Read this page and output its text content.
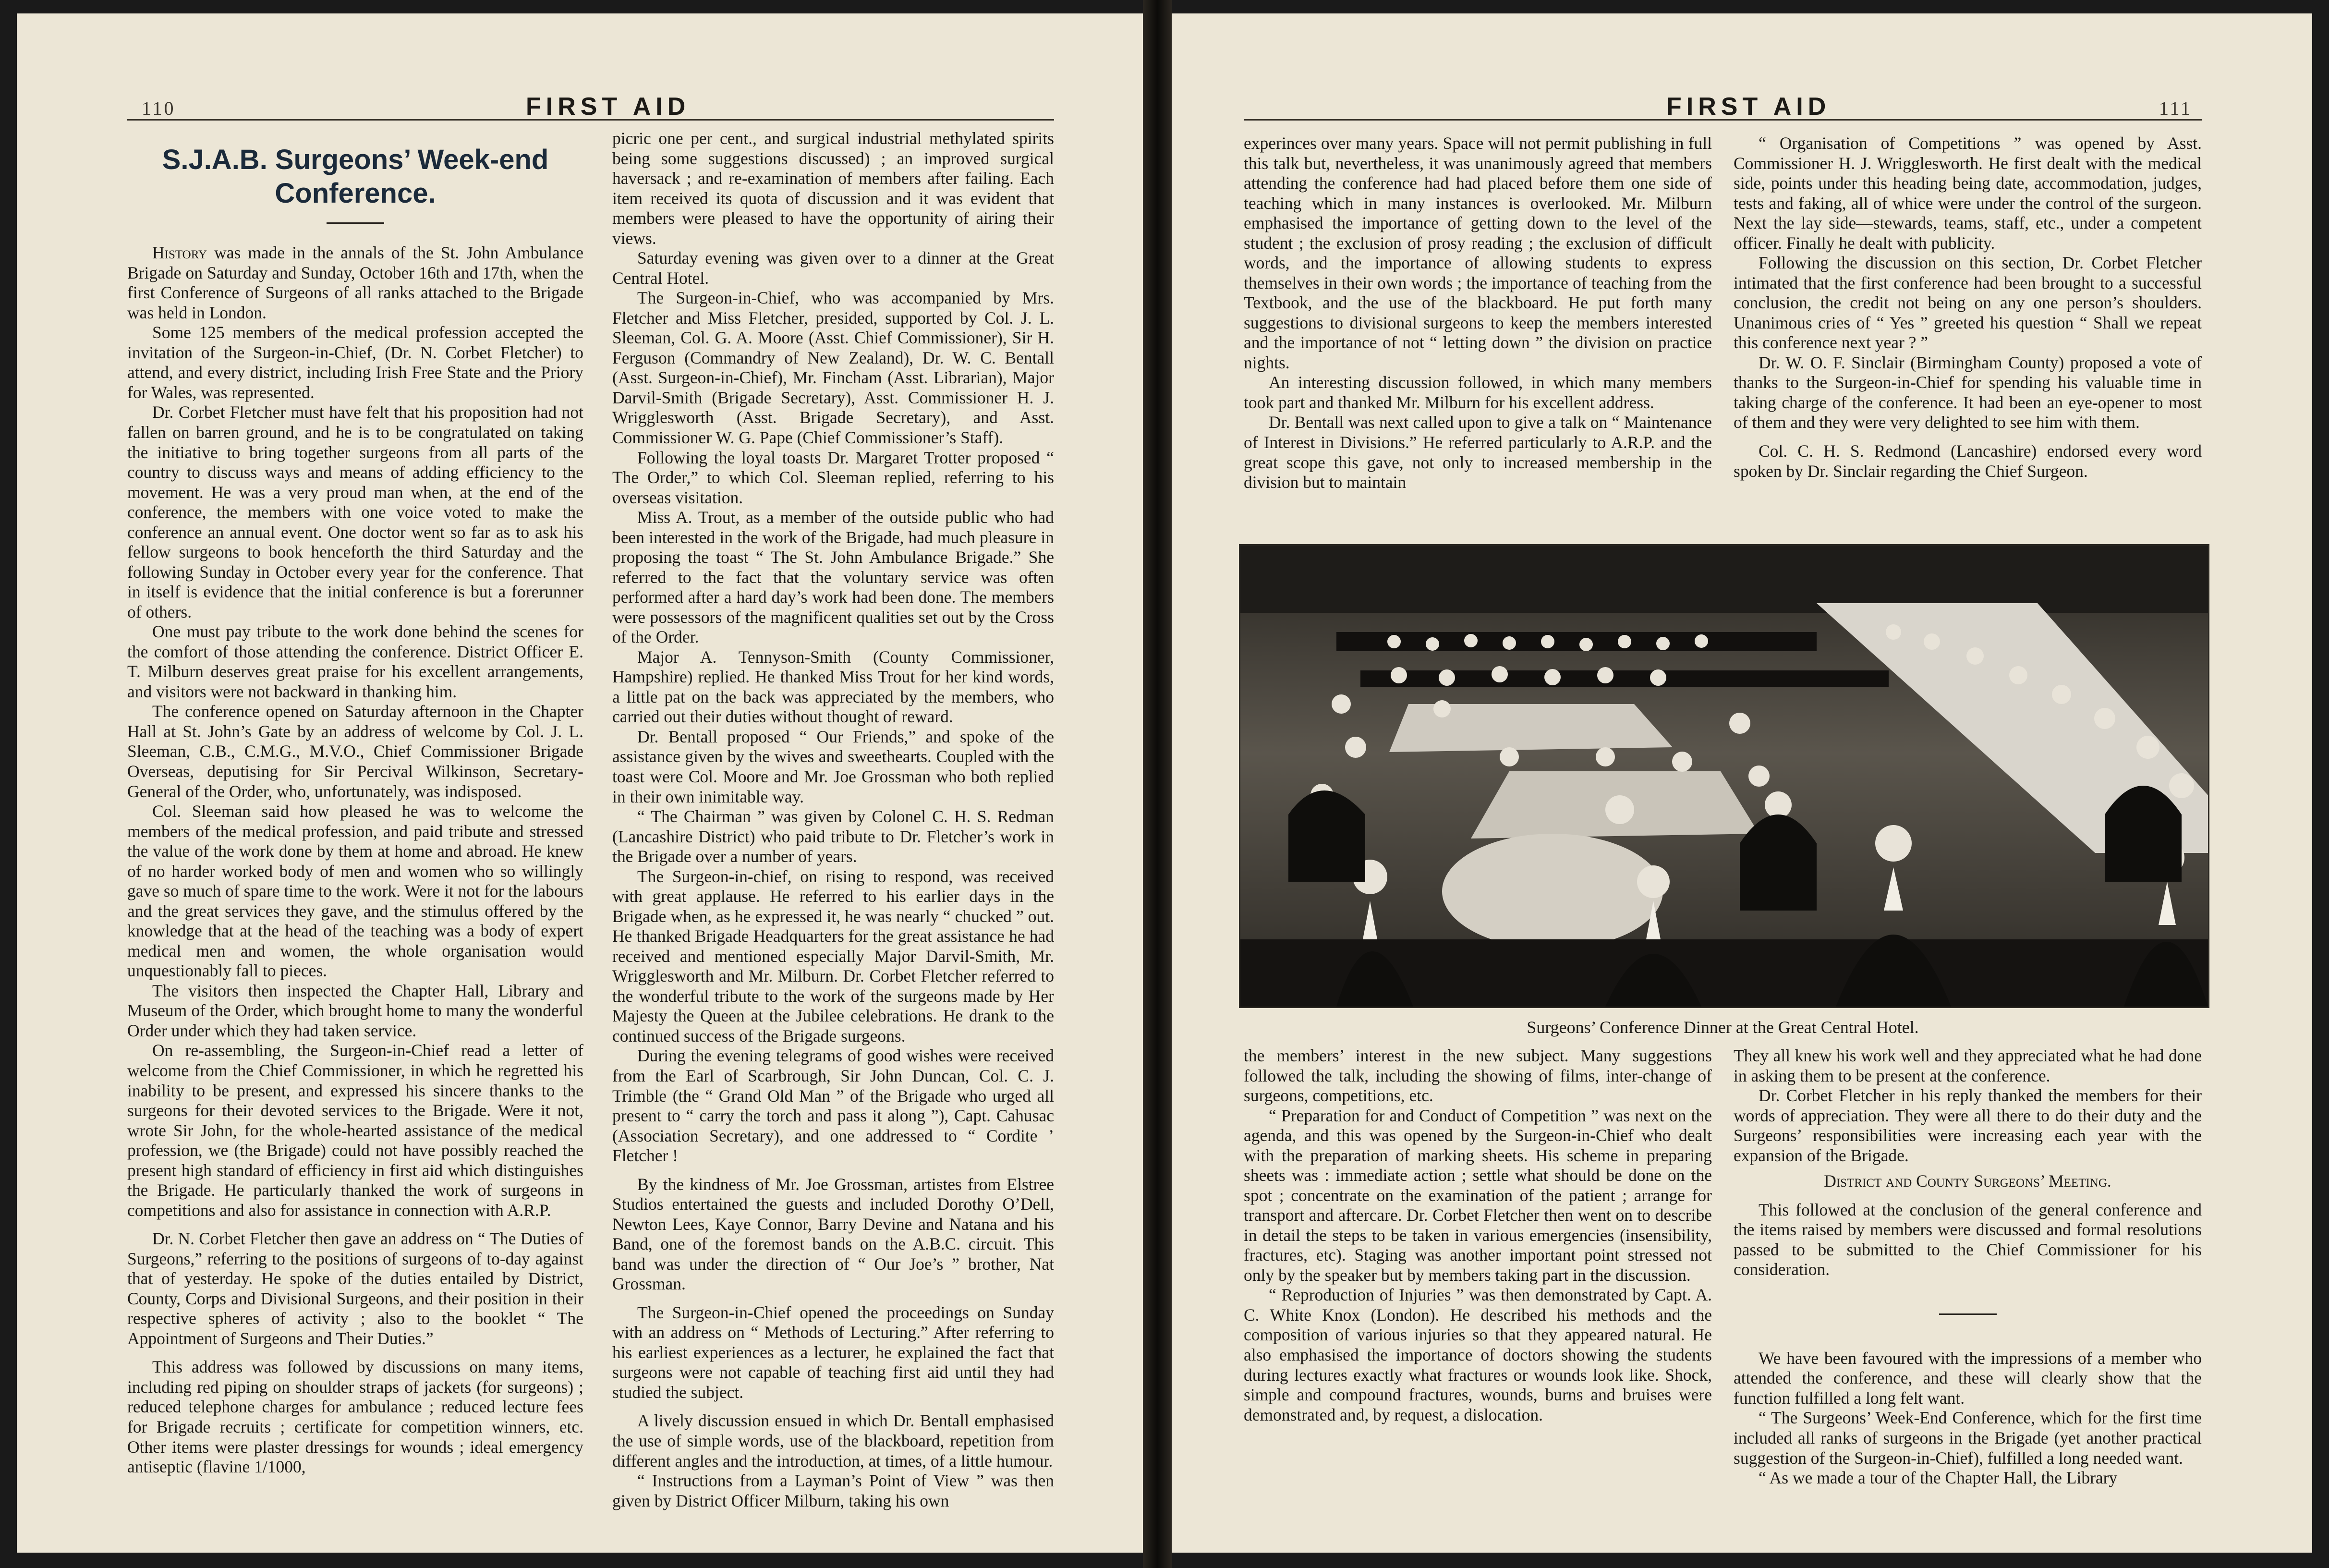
110	FIRST AID
S.J.A.B. Surgeons’ Week-end
Conference.

History was made in the annals of the St. John Ambulance Brigade on Saturday and Sunday, October 16th and 17th, when the first Conference of Surgeons of all ranks attached to the Brigade was held in London.

Some 125 members of the medical profession accepted the invitation of the Surgeon-in-Chief, (Dr. N. Corbet Fletcher) to attend, and every district, including Irish Free State and the Priory for Wales, was represented.

Dr. Corbet Fletcher must have felt that his proposition had not fallen on barren ground, and he is to be congratulated on taking the initiative to bring together surgeons from all parts of the country to discuss ways and means of adding efficiency to the movement. He was a very proud man when, at the end of the conference, the members with one voice voted to make the conference an annual event. One doctor went so far as to ask his fellow surgeons to book henceforth the third Saturday and the following Sunday in October every year for the conference. That in itself is evidence that the initial conference is but a forerunner of others.

One must pay tribute to the work done behind the scenes for the comfort of those attending the conference. District Officer E. T. Milburn deserves great praise for his excellent arrangements, and visitors were not backward in thanking him.

The conference opened on Saturday afternoon in the Chapter Hall at St. John’s Gate by an address of welcome by Col. J. L. Sleeman, C.B., C.M.G., M.V.O., Chief Commissioner Brigade Overseas, deputising for Sir Percival Wilkinson, Secretary-General of the Order, who, unfortunately, was indisposed.

Col. Sleeman said how pleased he was to welcome the members of the medical profession, and paid tribute and stressed the value of the work done by them at home and abroad. He knew of no harder worked body of men and women who so willingly gave so much of spare time to the work. Were it not for the labours and the great services they gave, and the stimulus offered by the knowledge that at the head of the teaching was a body of expert medical men and women, the whole organisation would unquestionably fall to pieces.

The visitors then inspected the Chapter Hall, Library and Museum of the Order, which brought home to many the wonderful Order under which they had taken service.

On re-assembling, the Surgeon-in-Chief read a letter of welcome from the Chief Commissioner, in which he regretted his inability to be present, and expressed his sincere thanks to the surgeons for their devoted services to the Brigade. Were it not, wrote Sir John, for the whole-hearted assistance of the medical profession, we (the Brigade) could not have possibly reached the present high standard of efficiency in first aid which distinguishes the Brigade. He particularly thanked the work of surgeons in competitions and also for assistance in connection with A.R.P.

Dr. N. Corbet Fletcher then gave an address on “ The Duties of Surgeons,” referring to the positions of surgeons of to-day against that of yesterday. He spoke of the duties entailed by District, County, Corps and Divisional Surgeons, and their position in their respective spheres of activity ; also to the booklet “ The Appointment of Surgeons and Their Duties.”

This address was followed by discussions on many items, including red piping on shoulder straps of jackets (for surgeons) ; reduced telephone charges for ambulance ; reduced lecture fees for Brigade recruits ; certificate for competition winners, etc. Other items were plaster dressings for wounds ; ideal emergency antiseptic (flavine 1/1000,

picric one per cent., and surgical industrial methylated spirits being some suggestions discussed) ; an improved surgical haversack ; and re-examination of members after failing. Each item received its quota of discussion and it was evident that members were pleased to have the opportunity of airing their views.

Saturday evening was given over to a dinner at the Great Central Hotel.

The Surgeon-in-Chief, who was accompanied by Mrs. Fletcher and Miss Fletcher, presided, supported by Col. J. L. Sleeman, Col. G. A. Moore (Asst. Chief Commissioner), Sir H. Ferguson (Commandry of New Zealand), Dr. W. C. Bentall (Asst. Surgeon-in-Chief), Mr. Fincham (Asst. Librarian), Major Darvil-Smith (Brigade Secretary), Asst. Commissioner H. J. Wrigglesworth (Asst. Brigade Secretary), and Asst. Commissioner W. G. Pape (Chief Commissioner’s Staff).

Following the loyal toasts Dr. Margaret Trotter proposed “ The Order,” to which Col. Sleeman replied, referring to his overseas visitation.

Miss A. Trout, as a member of the outside public who had been interested in the work of the Brigade, had much pleasure in proposing the toast “ The St. John Ambulance Brigade.” She referred to the fact that the voluntary service was often performed after a hard day’s work had been done. The members were possessors of the magnificent qualities set out by the Cross of the Order.

Major A. Tennyson-Smith (County Commissioner, Hampshire) replied. He thanked Miss Trout for her kind words, a little pat on the back was appreciated by the members, who carried out their duties without thought of reward.

Dr. Bentall proposed “ Our Friends,” and spoke of the assistance given by the wives and sweethearts. Coupled with the toast were Col. Moore and Mr. Joe Grossman who both replied in their own inimitable way.

“ The Chairman ” was given by Colonel C. H. S. Redman (Lancashire District) who paid tribute to Dr. Fletcher’s work in the Brigade over a number of years.

The Surgeon-in-chief, on rising to respond, was received with great applause. He referred to his earlier days in the Brigade when, as he expressed it, he was nearly “ chucked ” out. He thanked Brigade Headquarters for the great assistance he had received and mentioned especially Major Darvil-Smith, Mr. Wrigglesworth and Mr. Milburn. Dr. Corbet Fletcher referred to the wonderful tribute to the work of the surgeons made by Her Majesty the Queen at the Jubilee celebrations. He drank to the continued success of the Brigade surgeons.

During the evening telegrams of good wishes were received from the Earl of Scarbrough, Sir John Duncan, Col. C. J. Trimble (the “ Grand Old Man ” of the Brigade who urged all present to “ carry the torch and pass it along ”), Capt. Cahusac (Association Secretary), and one addressed to “ Cordite ’ Fletcher !

By the kindness of Mr. Joe Grossman, artistes from Elstree Studios entertained the guests and included Dorothy O’Dell, Newton Lees, Kaye Connor, Barry Devine and Natana and his Band, one of the foremost bands on the A.B.C. circuit. This band was under the direction of “ Our Joe’s ” brother, Nat Grossman.

The Surgeon-in-Chief opened the proceedings on Sunday with an address on “ Methods of Lecturing.” After referring to his earliest experiences as a lecturer, he explained the fact that surgeons were not capable of teaching first aid until they had studied the subject.

A lively discussion ensued in which Dr. Bentall emphasised the use of simple words, use of the blackboard, repetition from different angles and the introduction, at times, of a little humour.

“ Instructions from a Layman’s Point of View ” was then given by District Officer Milburn, taking his own

FIRST AID	111

experinces over many years. Space will not permit publishing in full this talk but, nevertheless, it was unanimously agreed that members attending the conference had had placed before them one side of teaching which in many instances is overlooked. Mr. Milburn emphasised the importance of getting down to the level of the student ; the exclusion of prosy reading ; the exclusion of difficult words, and the importance of allowing students to express themselves in their own words ; the importance of teaching from the Textbook, and the use of the blackboard. He put forth many suggestions to divisional surgeons to keep the members interested and the importance of not “ letting down ” the division on practice nights.

An interesting discussion followed, in which many members took part and thanked Mr. Milburn for his excellent address.

Dr. Bentall was next called upon to give a talk on “ Maintenance of Interest in Divisions.” He referred particularly to A.R.P. and the great scope this gave, not only to increased membership in the division but to maintain

“ Organisation of Competitions ” was opened by Asst. Commissioner H. J. Wrigglesworth. He first dealt with the medical side, points under this heading being date, accommodation, judges, tests and faking, all of whice were under the control of the surgeon. Next the lay side—stewards, teams, staff, etc., under a competent officer. Finally he dealt with publicity.

Following the discussion on this section, Dr. Corbet Fletcher intimated that the first conference had been brought to a successful conclusion, the credit not being on any one person’s shoulders. Unanimous cries of “ Yes ” greeted his question “ Shall we repeat this conference next year ? ”

Dr. W. O. F. Sinclair (Birmingham County) proposed a vote of thanks to the Surgeon-in-Chief for spending his valuable time in taking charge of the conference. It had been an eye-opener to most of them and they were very delighted to see him with them.

Col. C. H. S. Redmond (Lancashire) endorsed every word spoken by Dr. Sinclair regarding the Chief Surgeon.

Surgeons’ Conference Dinner at the Great Central Hotel.

the members’ interest in the new subject. Many suggestions followed the talk, including the showing of films, inter-change of surgeons, competitions, etc.

“ Preparation for and Conduct of Competition ” was next on the agenda, and this was opened by the Surgeon-in-Chief who dealt with the preparation of marking sheets. His scheme in preparing sheets was : immediate action ; settle what should be done on the spot ; concentrate on the examination of the patient ; arrange for transport and aftercare. Dr. Corbet Fletcher then went on to describe in detail the steps to be taken in various emergencies (insensibility, fractures, etc). Staging was another important point stressed not only by the speaker but by members taking part in the discussion.

“ Reproduction of Injuries ” was then demonstrated by Capt. A. C. White Knox (London). He described his methods and the composition of various injuries so that they appeared natural. He also emphasised the importance of doctors showing the students during lectures exactly what fractures or wounds look like. Shock, simple and compound fractures, wounds, burns and bruises were demonstrated and, by request, a dislocation.

They all knew his work well and they appreciated what he had done in asking them to be present at the conference.

Dr. Corbet Fletcher in his reply thanked the members for their words of appreciation. They were all there to do their duty and the Surgeons’ responsibilities were increasing each year with the expansion of the Brigade.

District and County Surgeons’ Meeting.

This followed at the conclusion of the general conference and the items raised by members were discussed and formal resolutions passed to be submitted to the Chief Commissioner for his consideration.

We have been favoured with the impressions of a member who attended the conference, and these will clearly show that the function fulfilled a long felt want.

“ The Surgeons’ Week-End Conference, which for the first time included all ranks of surgeons in the Brigade (yet another practical suggestion of the Surgeon-in-Chief), fulfilled a long needed want.

“ As we made a tour of the Chapter Hall, the Library
